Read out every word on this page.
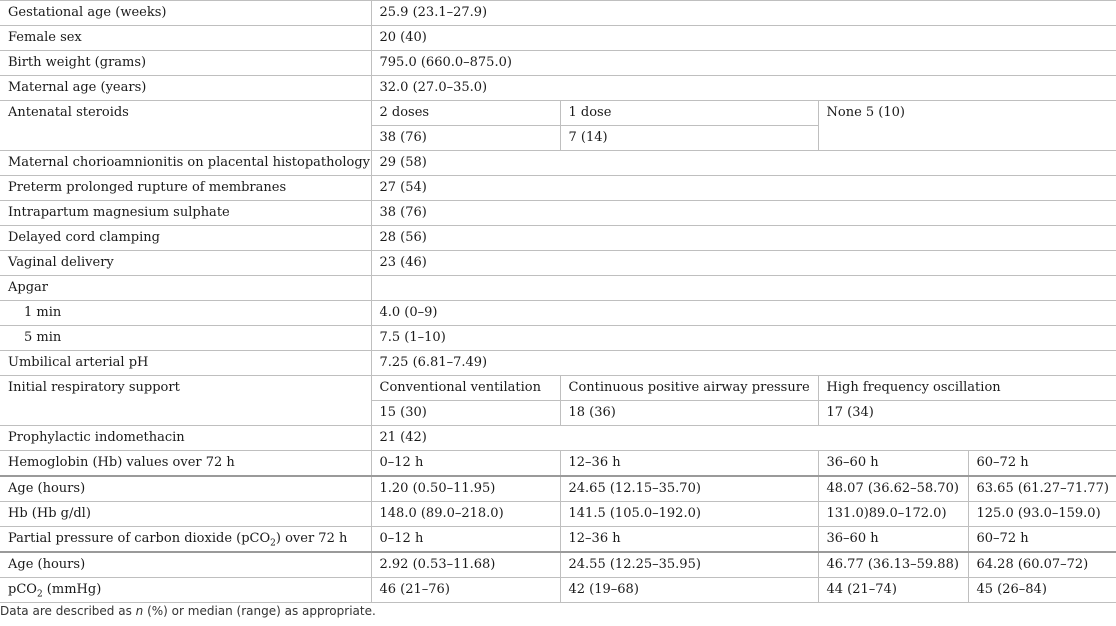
Gestational age (weeks)	25.9 (23.1–27.9)			
Female sex	20 (40)			
Birth weight (grams)	795.0 (660.0–875.0)			
Maternal age (years)	32.0 (27.0–35.0)			
Antenatal steroids	2 doses	1 dose	None 5 (10)	
	38 (76)	7 (14)		
Maternal chorioamnionitis on placental histopathology	29 (58)			
Preterm prolonged rupture of membranes	27 (54)			
Intrapartum magnesium sulphate	38 (76)			
Delayed cord clamping	28 (56)			
Vaginal delivery	23 (46)			
Apgar				
1 min	4.0 (0–9)			
5 min	7.5 (1–10)			
Umbilical arterial pH	7.25 (6.81–7.49)			
Initial respiratory support	Conventional ventilation	Continuous positive airway pressure	High frequency oscillation	
	15 (30)	18 (36)	17 (34)	
Prophylactic indomethacin	21 (42)			
Hemoglobin (Hb) values over 72 h	0–12 h	12–36 h	36–60 h	60–72 h
Age (hours)	1.20 (0.50–11.95)	24.65 (12.15–35.70)	48.07 (36.62–58.70)	63.65 (61.27–71.77)
Hb (Hb g/dl)	148.0 (89.0–218.0)	141.5 (105.0–192.0)	131.0)89.0–172.0)	125.0 (93.0–159.0)
Partial pressure of carbon dioxide (pCO$_2$) over 72 h	0–12 h	12–36 h	36–60 h	60–72 h
Age (hours)	2.92 (0.53–11.68)	24.55 (12.25–35.95)	46.77 (36.13–59.88)	64.28 (60.07–72)
pCO$_2$ (mmHg)	46 (21–76)	42 (19–68)	44 (21–74)	45 (26–84)
Data are described as n (%) or median (range) as appropriate.
